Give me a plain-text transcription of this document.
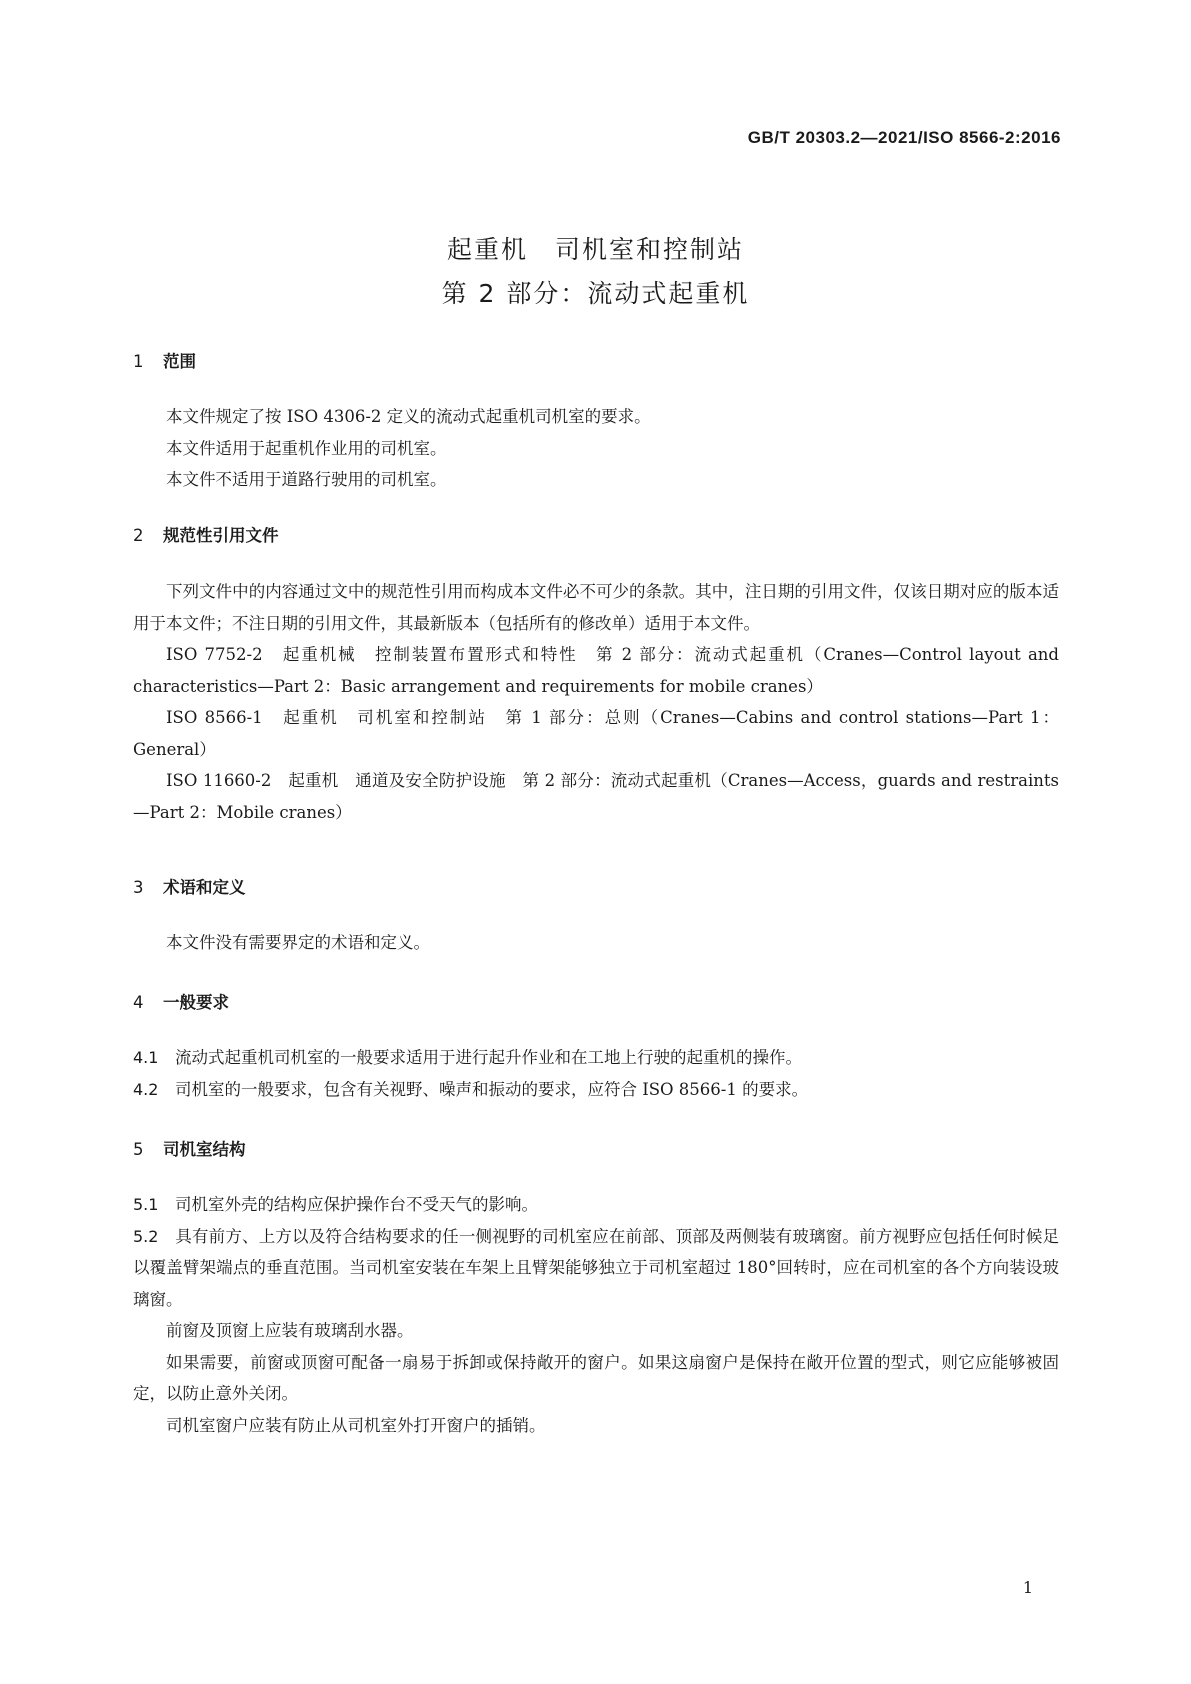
GB/T 20303.2—2021/ISO 8566-2:2016
起重机　司机室和控制站
第 2 部分：流动式起重机
1 范围
本文件规定了按 ISO 4306-2 定义的流动式起重机司机室的要求。
本文件适用于起重机作业用的司机室。
本文件不适用于道路行驶用的司机室。
2 规范性引用文件
下列文件中的内容通过文中的规范性引用而构成本文件必不可少的条款。其中，注日期的引用文件，仅该日期对应的版本适用于本文件；不注日期的引用文件，其最新版本（包括所有的修改单）适用于本文件。
ISO 7752-2　起重机械　控制装置布置形式和特性　第 2 部分：流动式起重机（Cranes—Control layout and characteristics—Part 2：Basic arrangement and requirements for mobile cranes）
ISO 8566-1　起重机　司机室和控制站　第 1 部分：总则（Cranes—Cabins and control stations—Part 1：General）
ISO 11660-2　起重机　通道及安全防护设施　第 2 部分：流动式起重机（Cranes—Access，guards and restraints—Part 2：Mobile cranes）
3 术语和定义
本文件没有需要界定的术语和定义。
4 一般要求
4.1　 流动式起重机司机室的一般要求适用于进行起升作业和在工地上行驶的起重机的操作。
4.2　 司机室的一般要求，包含有关视野、噪声和振动的要求，应符合 ISO 8566-1 的要求。
5 司机室结构
5.1　 司机室外壳的结构应保护操作台不受天气的影响。
5.2　 具有前方、上方以及符合结构要求的任一侧视野的司机室应在前部、顶部及两侧装有玻璃窗。前方视野应包括任何时候足以覆盖臂架端点的垂直范围。当司机室安装在车架上且臂架能够独立于司机室超过 180°回转时，应在司机室的各个方向装设玻璃窗。
前窗及顶窗上应装有玻璃刮水器。
如果需要，前窗或顶窗可配备一扇易于拆卸或保持敞开的窗户。如果这扇窗户是保持在敞开位置的型式，则它应能够被固定，以防止意外关闭。
司机室窗户应装有防止从司机室外打开窗户的插销。
1
